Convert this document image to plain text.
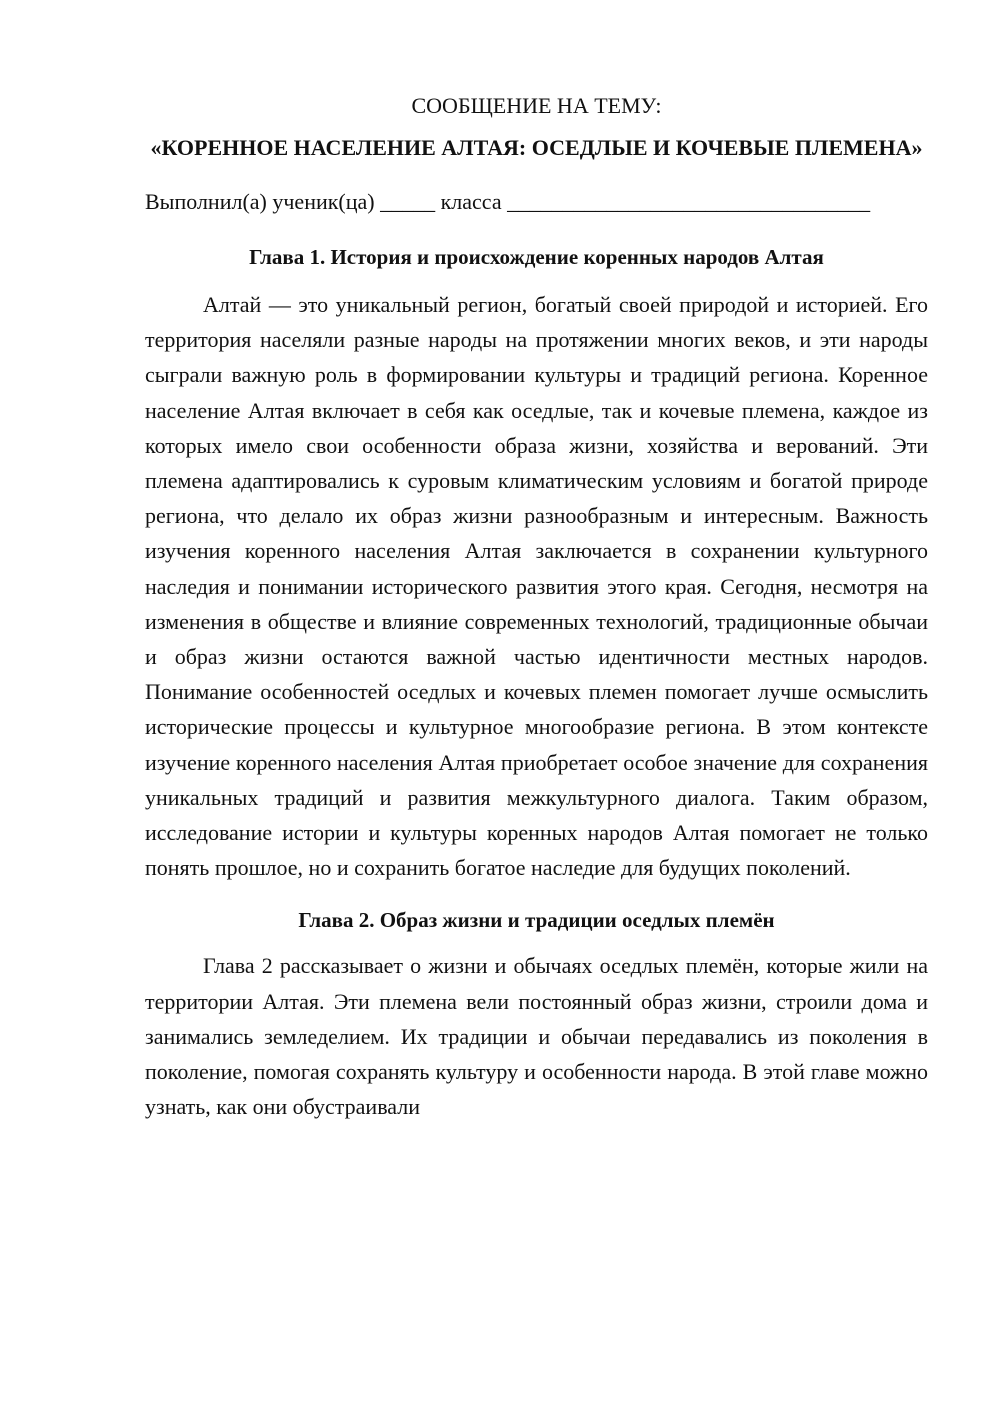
СООБЩЕНИЕ НА ТЕМУ:

«КОРЕННОЕ НАСЕЛЕНИЕ АЛТАЯ: ОСЕДЛЫЕ И КОЧЕВЫЕ ПЛЕМЕНА»

Выполнил(а) ученик(ца) _____ класса _________________________________

Глава 1. История и происхождение коренных народов Алтая

Алтай — это уникальный регион, богатый своей природой и историей. Его территория населяли разные народы на протяжении многих веков, и эти народы сыграли важную роль в формировании культуры и традиций региона. Коренное население Алтая включает в себя как оседлые, так и кочевые племена, каждое из которых имело свои особенности образа жизни, хозяйства и верований. Эти племена адаптировались к суровым климатическим условиям и богатой природе региона, что делало их образ жизни разнообразным и интересным. Важность изучения коренного населения Алтая заключается в сохранении культурного наследия и понимании исторического развития этого края. Сегодня, несмотря на изменения в обществе и влияние современных технологий, традиционные обычаи и образ жизни остаются важной частью идентичности местных народов. Понимание особенностей оседлых и кочевых племен помогает лучше осмыслить исторические процессы и культурное многообразие региона. В этом контексте изучение коренного населения Алтая приобретает особое значение для сохранения уникальных традиций и развития межкультурного диалога. Таким образом, исследование истории и культуры коренных народов Алтая помогает не только понять прошлое, но и сохранить богатое наследие для будущих поколений.

Глава 2. Образ жизни и традиции оседлых племён

Глава 2 рассказывает о жизни и обычаях оседлых племён, которые жили на территории Алтая. Эти племена вели постоянный образ жизни, строили дома и занимались земледелием. Их традиции и обычаи передавались из поколения в поколение, помогая сохранять культуру и особенности народа. В этой главе можно узнать, как они обустраивали
